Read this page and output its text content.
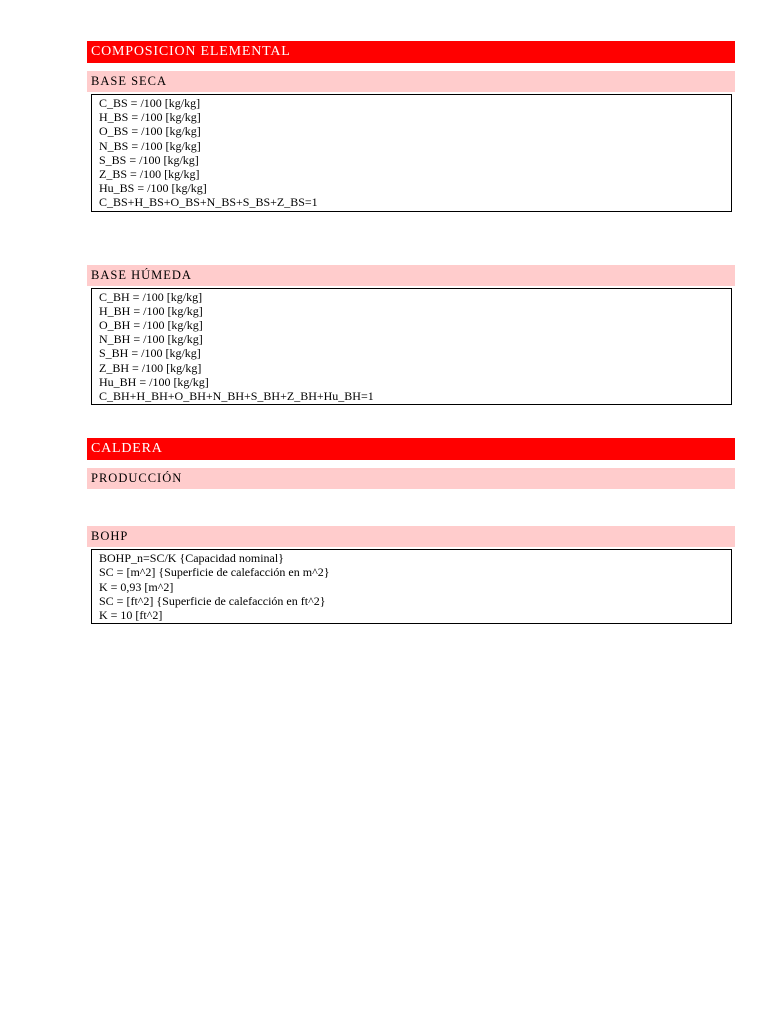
COMPOSICION ELEMENTAL
BASE SECA
C_BS = /100 [kg/kg]
H_BS = /100 [kg/kg]
O_BS = /100 [kg/kg]
N_BS = /100 [kg/kg]
S_BS = /100 [kg/kg]
Z_BS = /100 [kg/kg]
Hu_BS = /100 [kg/kg]
C_BS+H_BS+O_BS+N_BS+S_BS+Z_BS=1
BASE HÚMEDA
C_BH = /100 [kg/kg]
H_BH = /100 [kg/kg]
O_BH = /100 [kg/kg]
N_BH = /100 [kg/kg]
S_BH = /100 [kg/kg]
Z_BH = /100 [kg/kg]
Hu_BH = /100 [kg/kg]
C_BH+H_BH+O_BH+N_BH+S_BH+Z_BH+Hu_BH=1
CALDERA
PRODUCCIÓN
BOHP
BOHP_n=SC/K {Capacidad nominal}
SC = [m^2] {Superficie de calefacción en m^2}
K = 0,93 [m^2]
SC = [ft^2] {Superficie de calefacción en ft^2}
K = 10 [ft^2]
